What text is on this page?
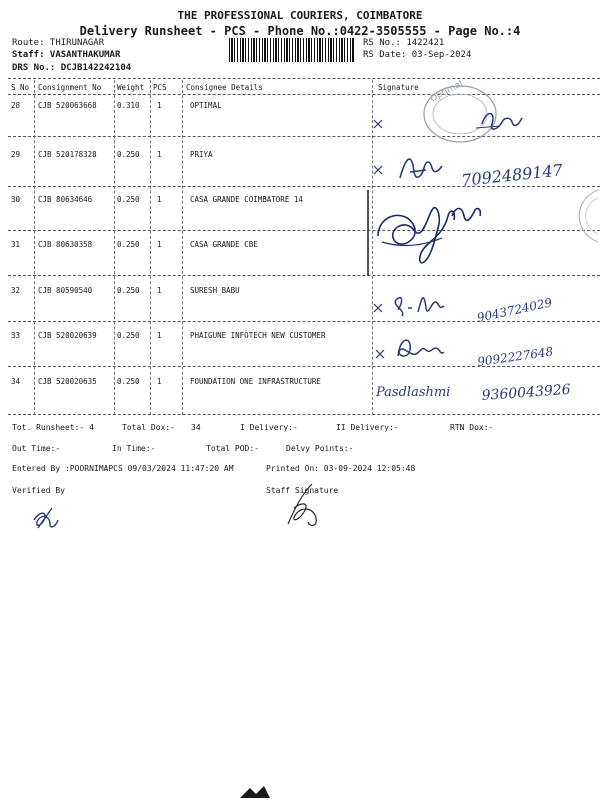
THE PROFESSIONAL COURIERS, COIMBATORE
Delivery Runsheet - PCS - Phone No.:0422-3505555 - Page No.:4
Route: THIRUNAGAR
Staff: VASANTHAKUMAR
DRS No.: DCJB142242104
RS No.: 1422421
RS Date: 03-Sep-2024
S No Consignment No Weight PCS	Consignee Details	Signature
28 CJB 520063668	0.310 1	OPTIMAL
29 CJB 520178328	0.250 1	PRIYA
30 CJB 80634646	0.250 1	CASA GRANDE COIMBATORE 14
31 CJB 80630358	0.250 1	CASA GRANDE CBE
32 CJB 80590540	0.250 1	SURESH BABU
33 CJB 520020639	0.250 1	PHAIGUNE INFOTECH NEW CUSTOMER
34 CJB 520020635	0.250 1	FOUNDATION ONE INFRASTRUCTURE
Optimal
7092489147
9043724029
9092227648
Pasdlashmi 9360043926
Tot. Runsheet:- 4	Total Dox:- 34	I Delivery:-	II Delivery:-	RTN Dox:-
Out Time:-	In Time:-	Total POD:-	Delvy Points:-
Entered By :POORNIMAPCS 09/03/2024 11:47:20 AM	Printed On: 03-09-2024 12:05:48
Verified By	Staff Signature
